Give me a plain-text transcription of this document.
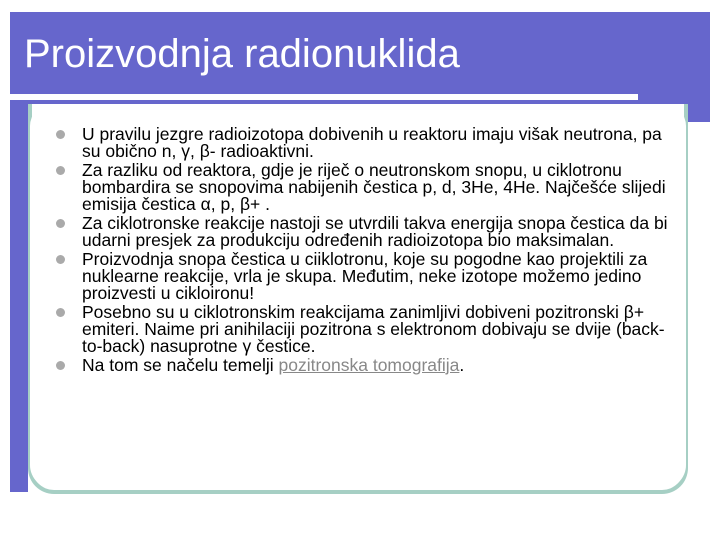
Proizvodnja radionuklida
U pravilu jezgre radioizotopa dobivenih u reaktoru imaju višak neutrona, pa su obično n, γ, β- radioaktivni.
Za razliku od reaktora, gdje je riječ o neutronskom snopu, u ciklotronu bombardira se snopovima nabijenih čestica p, d, 3He, 4He. Najčešće slijedi emisija čestica α, p, β+ .
Za ciklotronske reakcije nastoji se utvrdili takva energija snopa čestica da bi udarni presjek za produkciju određenih radioizotopa bio maksimalan.
Proizvodnja snopa čestica u ciiklotronu, koje su pogodne kao projektili za nuklearne reakcije, vrla je skupa. Međutim, neke izotope možemo jedino proizvesti u cikloironu!
Posebno su u ciklotronskim reakcijama zanimljivi dobiveni pozitronski β+ emiteri. Naime pri anihilaciji pozitrona s elektronom dobivaju se dvije (back-to-back) nasuprotne γ čestice.
Na tom se načelu temelji pozitronska tomografija.
